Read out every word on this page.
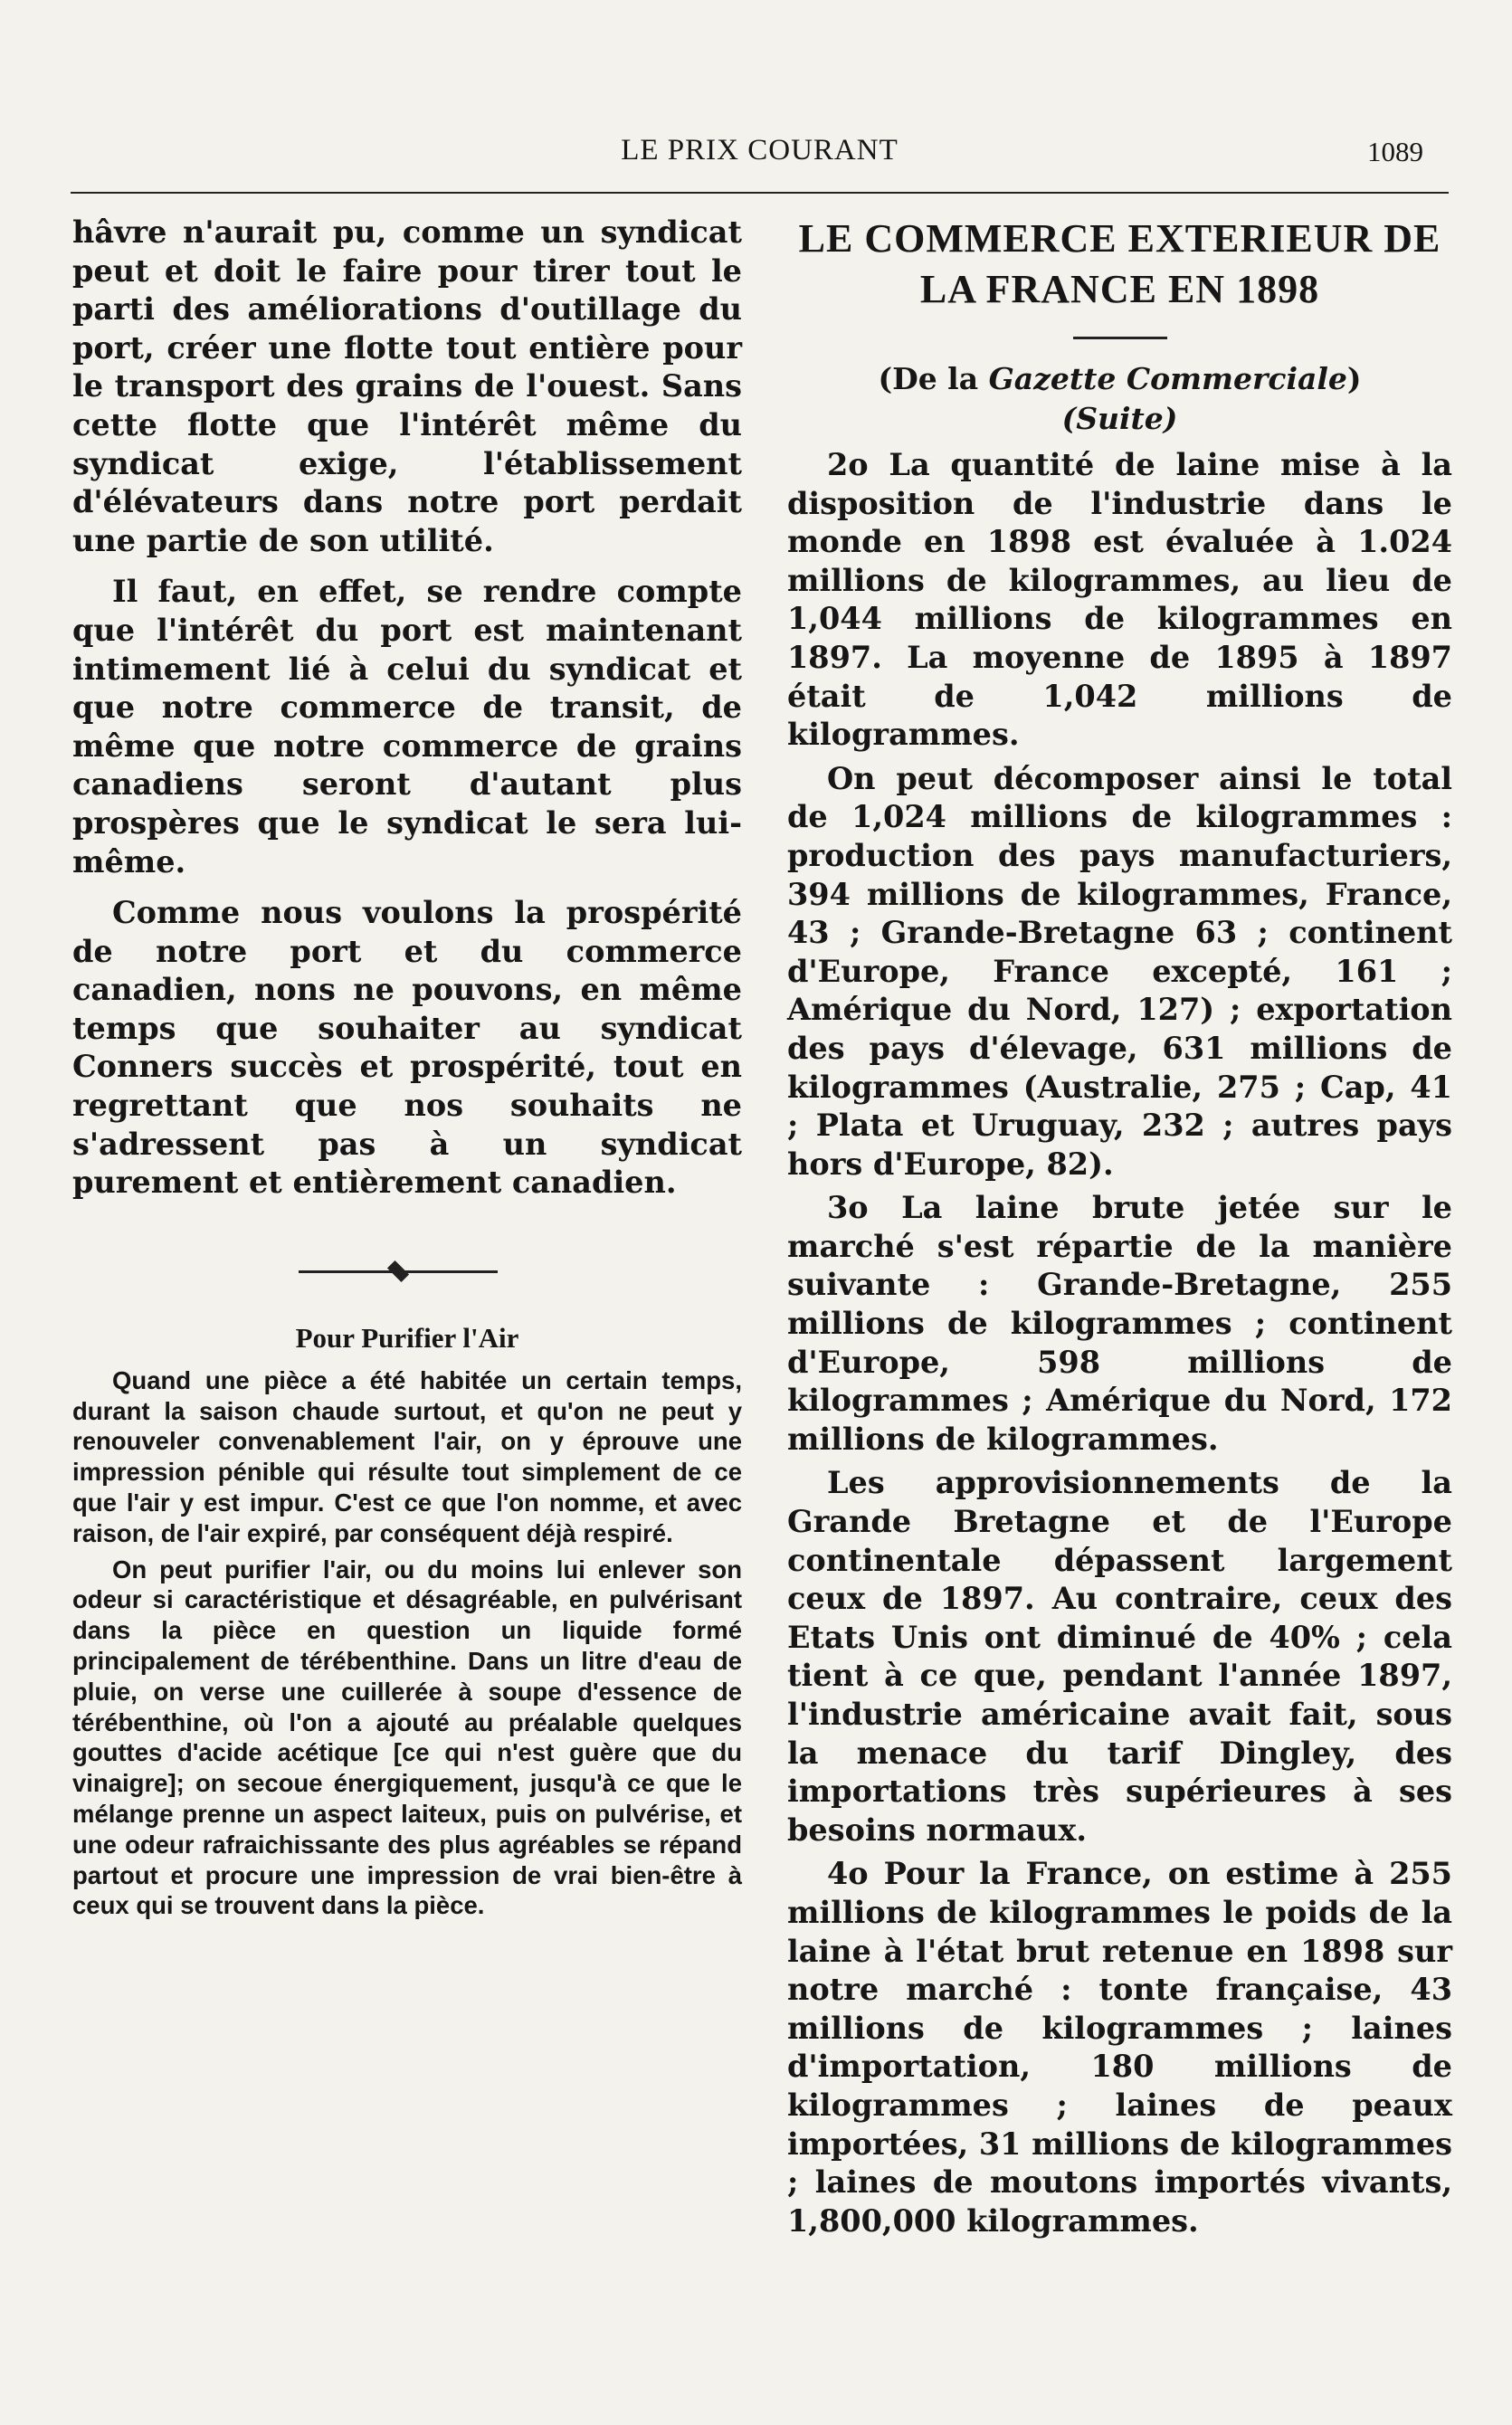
LE PRIX COURANT	1089

hâvre n'aurait pu, comme un syndicat peut et doit le faire pour tirer tout le parti des améliorations d'outillage du port, créer une flotte tout entière pour le transport des grains de l'ouest. Sans cette flotte que l'intérêt même du syndicat exige, l'établissement d'élévateurs dans notre port perdait une partie de son utilité.

Il faut, en effet, se rendre compte que l'intérêt du port est maintenant intimement lié à celui du syndicat et que notre commerce de transit, de même que notre commerce de grains canadiens seront d'autant plus prospères que le syndicat le sera lui-même.

Comme nous voulons la prospérité de notre port et du commerce canadien, nons ne pouvons, en même temps que souhaiter au syndicat Conners succès et prospérité, tout en regrettant que nos souhaits ne s'adressent pas à un syndicat purement et entièrement canadien.

Pour Purifier l'Air

Quand une pièce a été habitée un certain temps, durant la saison chaude surtout, et qu'on ne peut y renouveler convenablement l'air, on y éprouve une impression pénible qui résulte tout simplement de ce que l'air y est impur. C'est ce que l'on nomme, et avec raison, de l'air expiré, par conséquent déjà respiré.

On peut purifier l'air, ou du moins lui enlever son odeur si caractéristique et désagréable, en pulvérisant dans la pièce en question un liquide formé principalement de térébenthine. Dans un litre d'eau de pluie, on verse une cuillerée à soupe d'essence de térébenthine, où l'on a ajouté au préalable quelques gouttes d'acide acétique [ce qui n'est guère que du vinaigre]; on secoue énergiquement, jusqu'à ce que le mélange prenne un aspect laiteux, puis on pulvérise, et une odeur rafraichissante des plus agréables se répand partout et procure une impression de vrai bien-être à ceux qui se trouvent dans la pièce.

LE COMMERCE EXTERIEUR DE
LA FRANCE EN 1898
(De la Gazette Commerciale)
(Suite)

2o La quantité de laine mise à la disposition de l'industrie dans le monde en 1898 est évaluée à 1.024 millions de kilogrammes, au lieu de 1,044 millions de kilogrammes en 1897. La moyenne de 1895 à 1897 était de 1,042 millions de kilogrammes.

On peut décomposer ainsi le total de 1,024 millions de kilogrammes : production des pays manufacturiers, 394 millions de kilogrammes, France, 43 ; Grande-Bretagne 63 ; continent d'Europe, France excepté, 161 ; Amérique du Nord, 127) ; exportation des pays d'élevage, 631 millions de kilogrammes (Australie, 275 ; Cap, 41 ; Plata et Uruguay, 232 ; autres pays hors d'Europe, 82).

3o La laine brute jetée sur le marché s'est répartie de la manière suivante : Grande-Bretagne, 255 millions de kilogrammes ; continent d'Europe, 598 millions de kilogrammes ; Amérique du Nord, 172 millions de kilogrammes.

Les approvisionnements de la Grande Bretagne et de l'Europe continentale dépassent largement ceux de 1897. Au contraire, ceux des Etats Unis ont diminué de 40% ; cela tient à ce que, pendant l'année 1897, l'industrie américaine avait fait, sous la menace du tarif Dingley, des importations très supérieures à ses besoins normaux.

4o Pour la France, on estime à 255 millions de kilogrammes le poids de la laine à l'état brut retenue en 1898 sur notre marché : tonte française, 43 millions de kilogrammes ; laines d'importation, 180 millions de kilogrammes ; laines de peaux importées, 31 millions de kilogrammes ; laines de moutons importés vivants, 1,800,000 kilogrammes.
